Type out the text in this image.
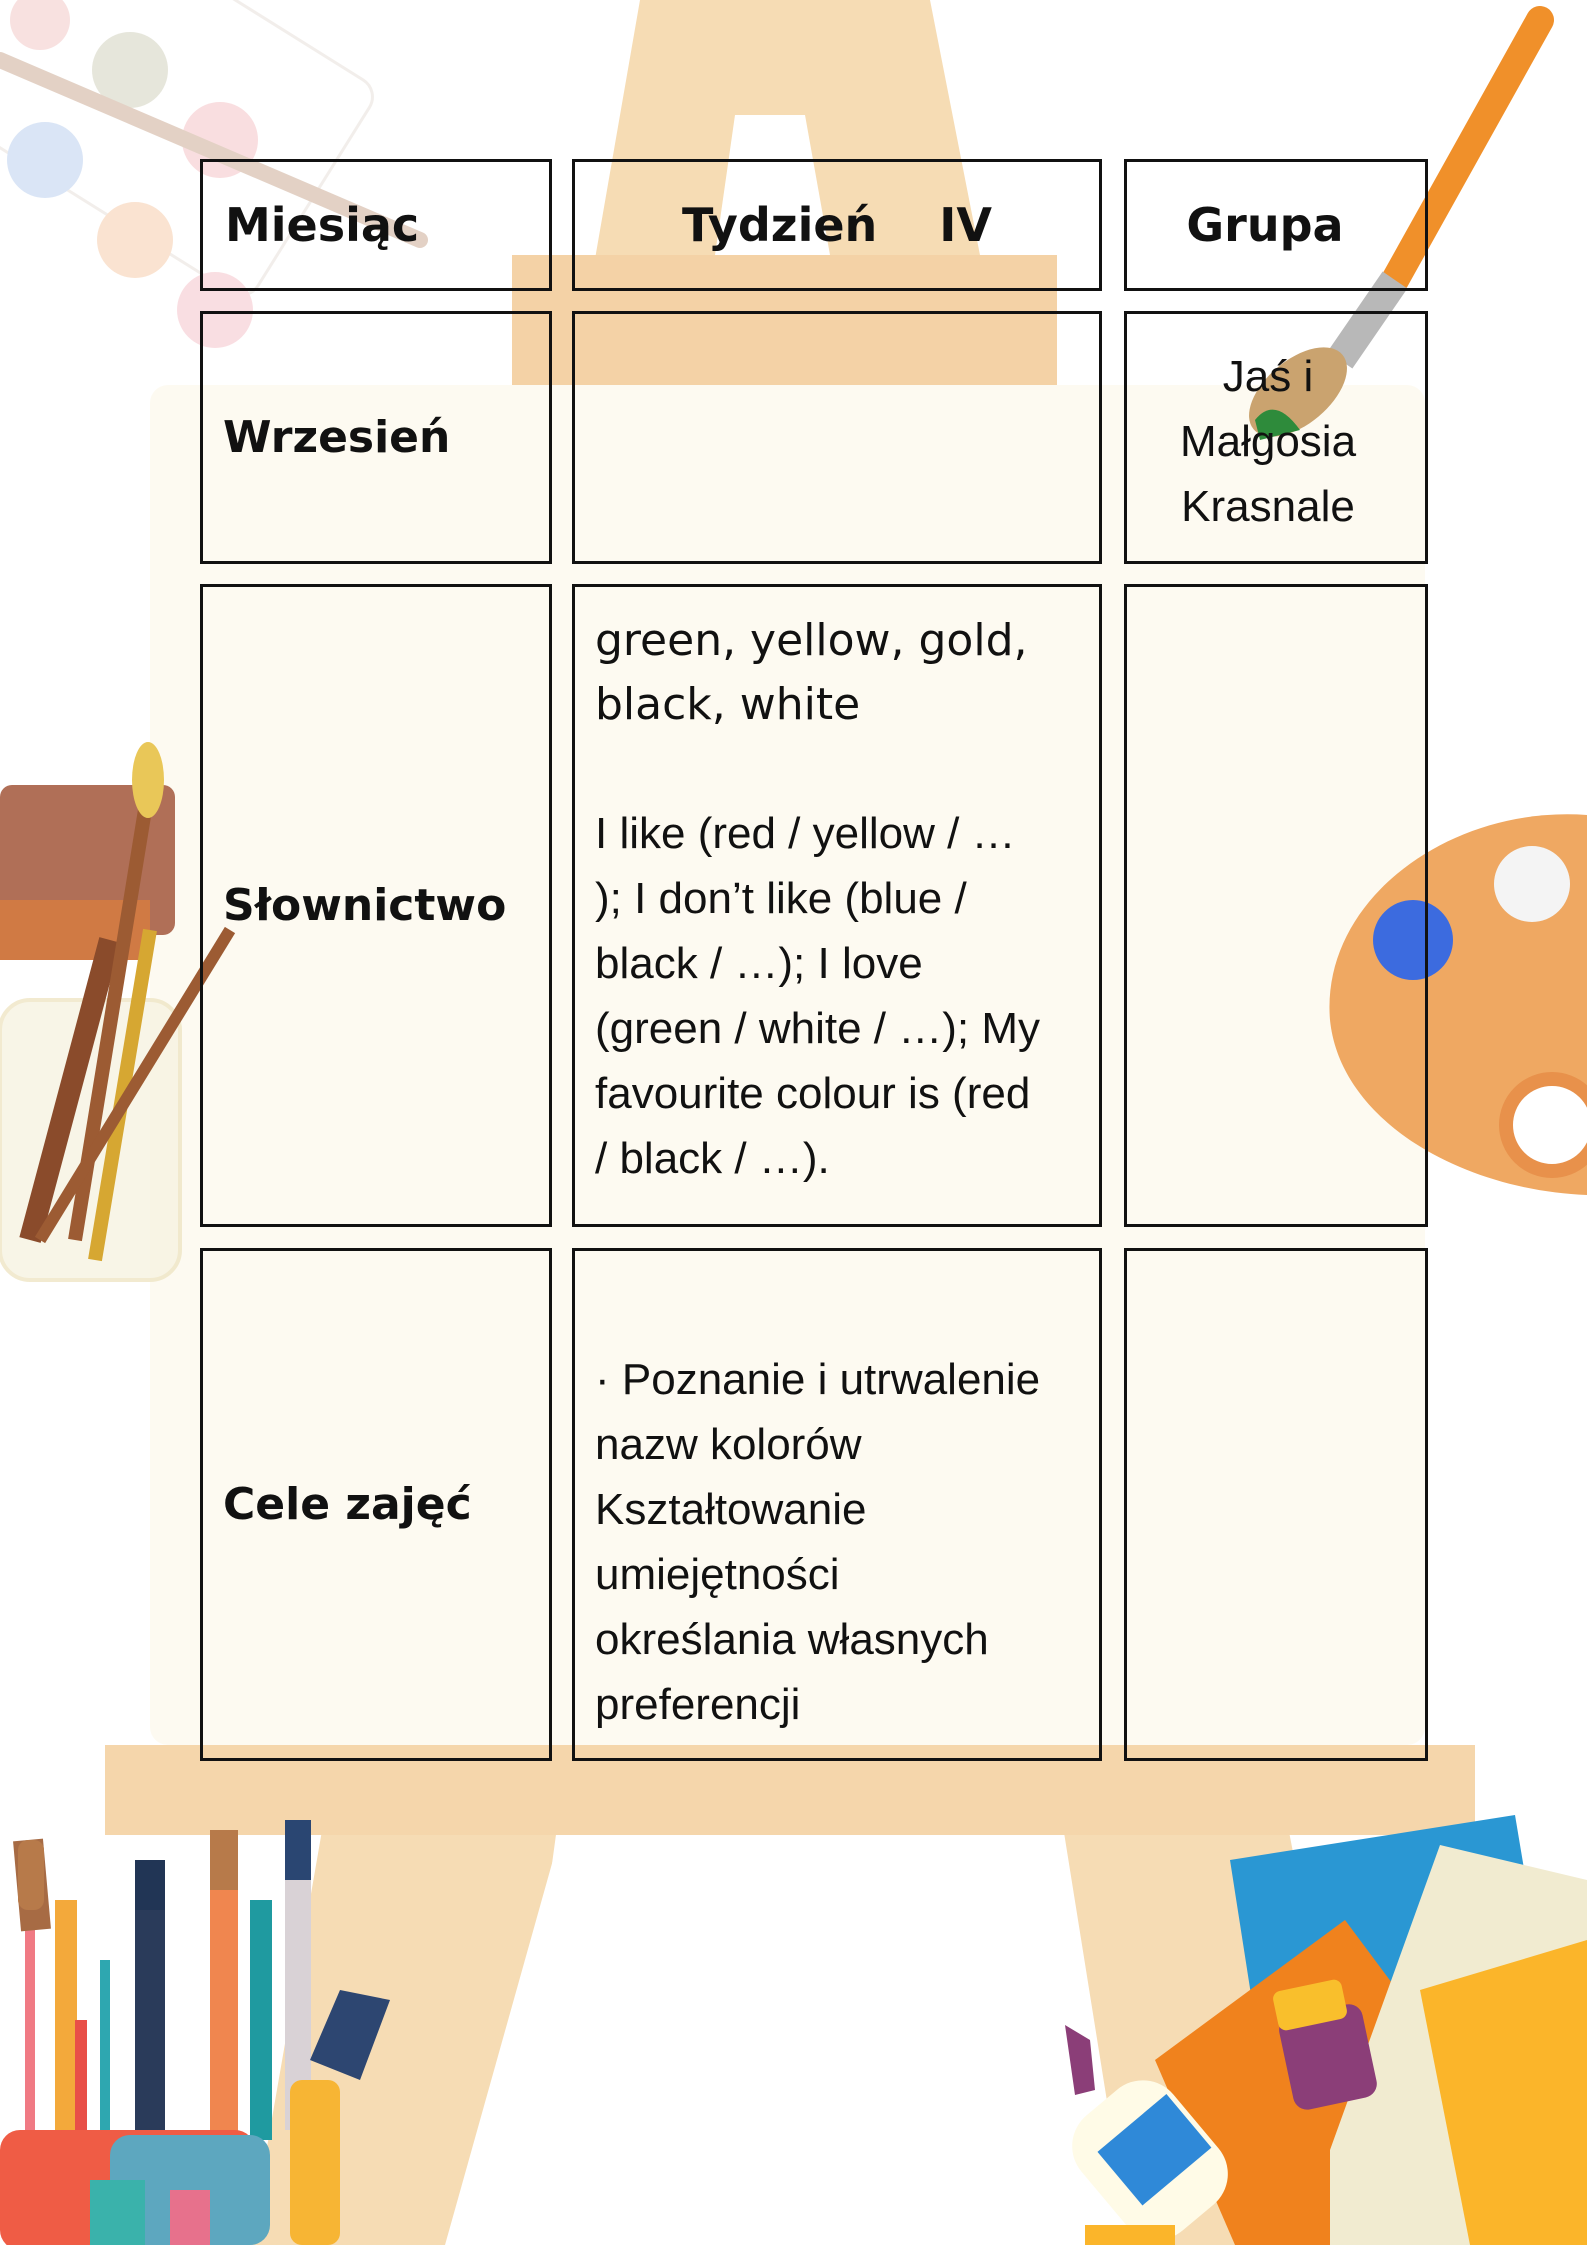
Miesiąc	Tydzień IV	Grupa
Wrzesień

Jaś i

Małgosia

Krasnale

Słownictwo

green, yellow, gold,

black, white

I like (red / yellow / …

); I don’t like (blue /

black / …); I love

(green / white / …); My

favourite colour is (red

/ black / …).

Cele zajęć

· Poznanie i utrwalenie

nazw kolorów

Kształtowanie

umiejętności

określania własnych

preferencji
